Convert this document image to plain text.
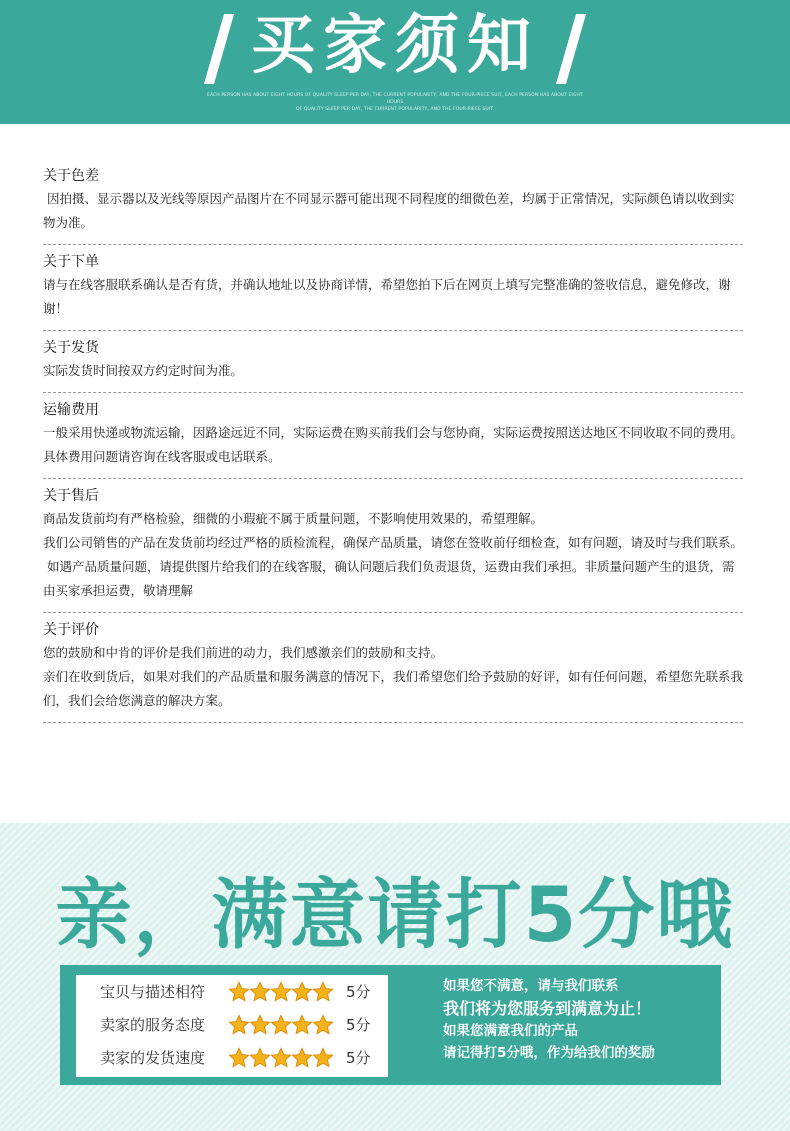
买家须知
EACH PERSON HAS ABOUT EIGHT HOURS OF QUALITY SLEEP PER DAY, THE CURRENT POPULARITY, AND THE FOUR-PIECE SUIT, EACH PERSON HAS ABOUT EIGHT HOURS
OF QUALITY SLEEP PER DAY, THE CURRENT POPULARITY, AND THE FOUR-PIECE SUIT.
关于色差

因拍摄、显示器以及光线等原因产品图片在不同显示器可能出现不同程度的细微色差，均属于正常情况，实际颜色请以收到实物为准。

关于下单

请与在线客服联系确认是否有货，并确认地址以及协商详情，希望您拍下后在网页上填写完整准确的签收信息，避免修改，谢谢！

关于发货

实际发货时间按双方约定时间为准。

运输费用

一般采用快递或物流运输，因路途远近不同，实际运费在购买前我们会与您协商，实际运费按照送达地区不同收取不同的费用。具体费用问题请咨询在线客服或电话联系。

关于售后

商品发货前均有严格检验，细微的小瑕疵不属于质量问题，不影响使用效果的，希望理解。

我们公司销售的产品在发货前均经过严格的质检流程，确保产品质量，请您在签收前仔细检查，如有问题，请及时与我们联系。

如遇产品质量问题，请提供图片给我们的在线客服，确认问题后我们负责退货，运费由我们承担。非质量问题产生的退货，需由买家承担运费，敬请理解

关于评价

您的鼓励和中肯的评价是我们前进的动力，我们感激亲们的鼓励和支持。

亲们在收到货后，如果对我们的产品质量和服务满意的情况下，我们希望您们给予鼓励的好评，如有任何问题，希望您先联系我们，我们会给您满意的解决方案。

亲，满意请打5分哦
宝贝与描述相符	5分
卖家的服务态度	5分
卖家的发货速度	5分

如果您不满意，请与我们联系

我们将为您服务到满意为止！

如果您满意我们的产品

请记得打5分哦，作为给我们的奖励
